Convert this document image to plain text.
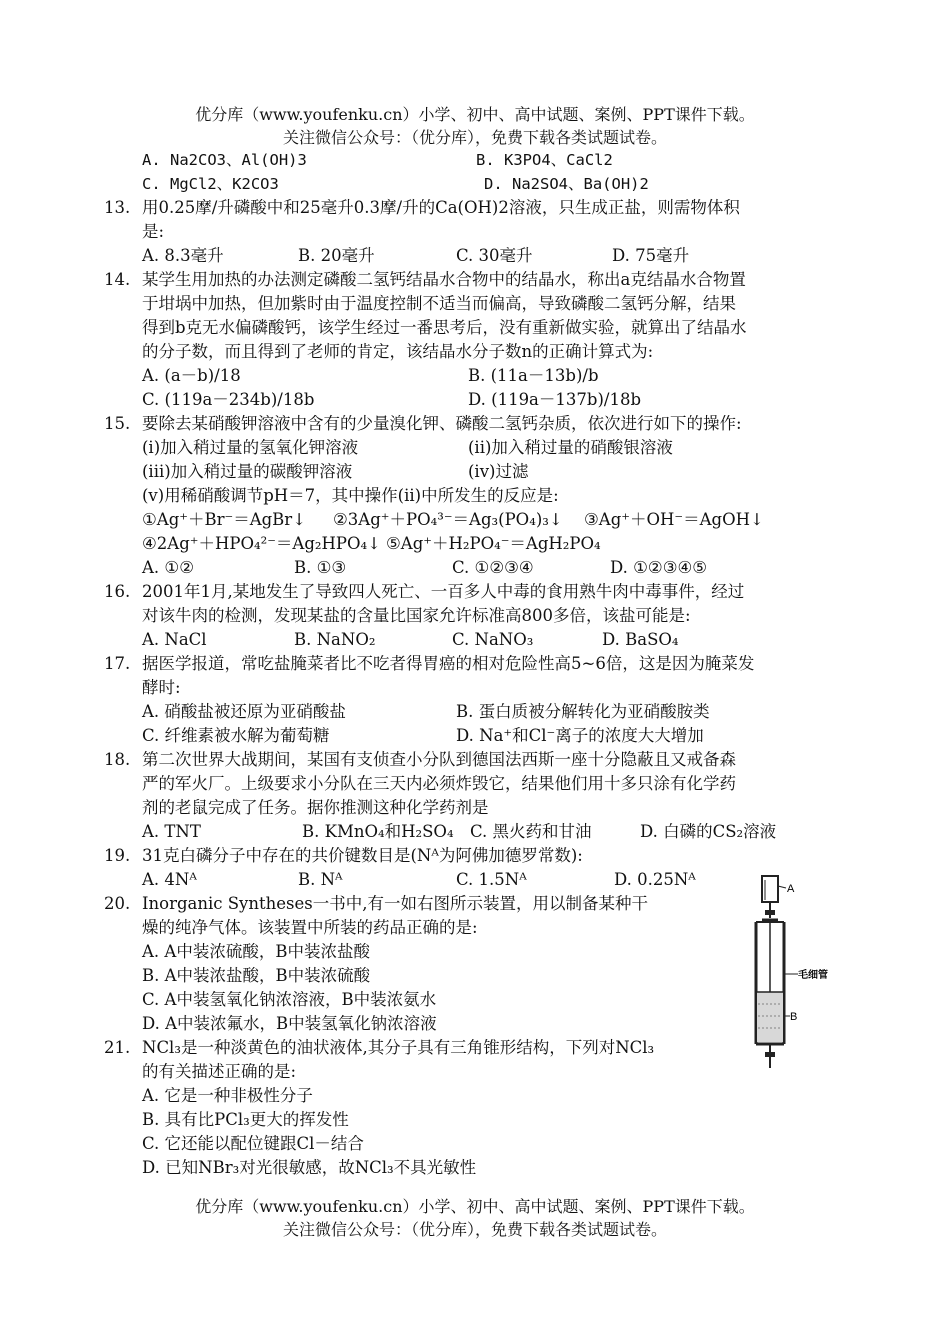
优分库（www.youfenku.cn）小学、初中、高中试题、案例、PPT课件下载。
关注微信公众号：（优分库），免费下载各类试题试卷。
A. Na2CO3、Al(OH)3	B. K3PO4、CaCl2
C. MgCl2、K2CO3	D. Na2SO4、Ba(OH)2
13. 用0.25摩/升磷酸中和25毫升0.3摩/升的Ca(OH)2溶液，只生成正盐，则需物体积
是:
A. 8.3毫升	B. 20毫升	C. 30毫升	D. 75毫升
14. 某学生用加热的办法测定磷酸二氢钙结晶水合物中的结晶水，称出a克结晶水合物置
于坩埚中加热，但加紫时由于温度控制不适当而偏高，导致磷酸二氢钙分解，结果
得到b克无水偏磷酸钙，该学生经过一番思考后，没有重新做实验，就算出了结晶水
的分子数，而且得到了老师的肯定，该结晶水分子数n的正确计算式为:
A. (a－b)/18	B. (11a－13b)/b
C. (119a－234b)/18b	D. (119a－137b)/18b
15. 要除去某硝酸钾溶液中含有的少量溴化钾、磷酸二氢钙杂质，依次进行如下的操作:
(i)加入稍过量的氢氧化钾溶液	(ii)加入稍过量的硝酸银溶液
(iii)加入稍过量的碳酸钾溶液	(iv)过滤
(v)用稀硝酸调节pH＝7，其中操作(ii)中所发生的反应是:
①Ag⁺＋Br⁻＝AgBr↓ ②3Ag⁺＋PO₄³⁻＝Ag₃(PO₄)₃↓ ③Ag⁺＋OH⁻＝AgOH↓
④2Ag⁺＋HPO₄²⁻＝Ag₂HPO₄↓ ⑤Ag⁺＋H₂PO₄⁻＝AgH₂PO₄
A. ①②	B. ①③	C. ①②③④	D. ①②③④⑤
16. 2001年1月,某地发生了导致四人死亡、一百多人中毒的食用熟牛肉中毒事件，经过
对该牛肉的检测，发现某盐的含量比国家允许标准高800多倍，该盐可能是:
A. NaCl	B. NaNO₂	C. NaNO₃	D. BaSO₄
17. 据医学报道，常吃盐腌菜者比不吃者得胃癌的相对危险性高5~6倍，这是因为腌菜发
酵时:
A. 硝酸盐被还原为亚硝酸盐	B. 蛋白质被分解转化为亚硝酸胺类
C. 纤维素被水解为葡萄糖	D. Na⁺和Cl⁻离子的浓度大大增加
18. 第二次世界大战期间，某国有支侦查小分队到德国法西斯一座十分隐蔽且又戒备森
严的军火厂。上级要求小分队在三天内必须炸毁它，结果他们用十多只涂有化学药
剂的老鼠完成了任务。据你推测这种化学药剂是
A. TNT	B. KMnO₄和H₂SO₄ C. 黑火药和甘油	D. 白磷的CS₂溶液
19. 31克白磷分子中存在的共价键数目是(Nᴬ为阿佛加德罗常数):
A. 4Nᴬ	B. Nᴬ	C. 1.5Nᴬ	D. 0.25Nᴬ
20. Inorganic Syntheses一书中,有一如右图所示装置，用以制备某种干
燥的纯净气体。该装置中所装的药品正确的是:
A. A中装浓硫酸，B中装浓盐酸
B. A中装浓盐酸，B中装浓硫酸
C. A中装氢氧化钠浓溶液，B中装浓氨水
D. A中装浓氟水，B中装氢氧化钠浓溶液
A
毛细管
B
21. NCl₃是一种淡黄色的油状液体,其分子具有三角锥形结构，下列对NCl₃
的有关描述正确的是:
A. 它是一种非极性分子
B. 具有比PCl₃更大的挥发性
C. 它还能以配位键跟Cl－结合
D. 已知NBr₃对光很敏感，故NCl₃不具光敏性
优分库（www.youfenku.cn）小学、初中、高中试题、案例、PPT课件下载。
关注微信公众号：（优分库），免费下载各类试题试卷。
